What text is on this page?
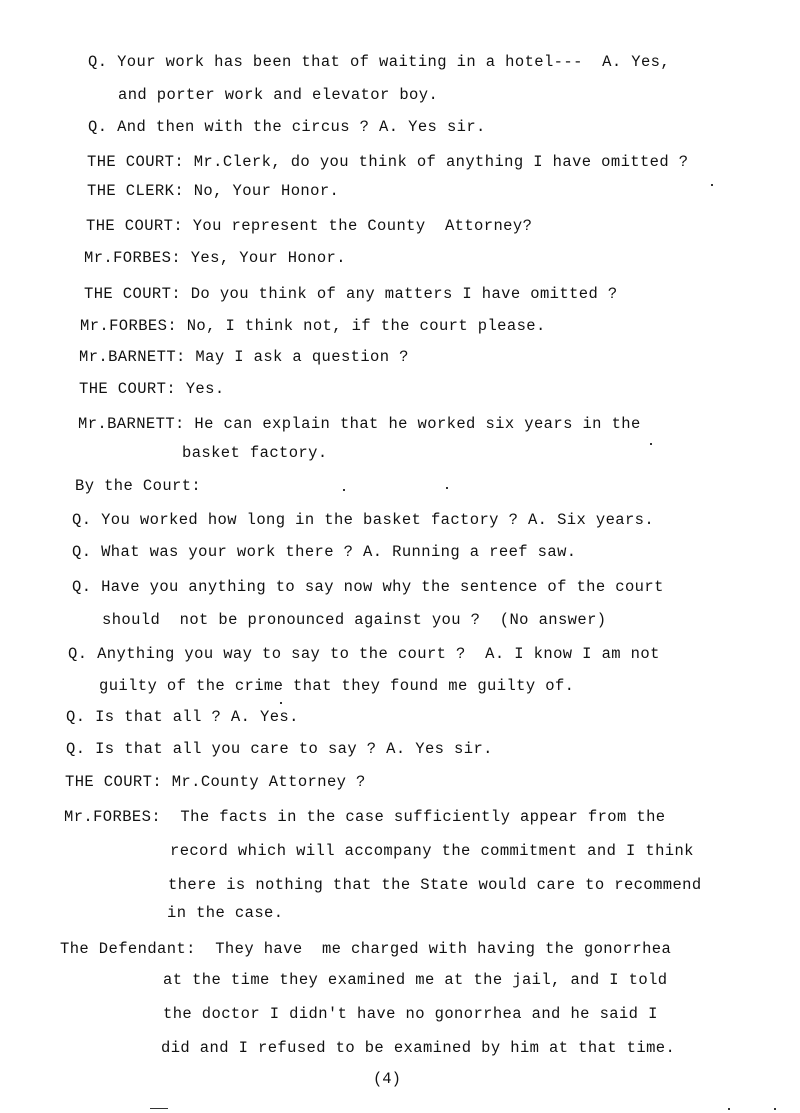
Q. Your work has been that of waiting in a hotel---  A. Yes,
and porter work and elevator boy.
Q. And then with the circus ? A. Yes sir.
THE COURT: Mr.Clerk, do you think of anything I have omitted ?
THE CLERK: No, Your Honor.
THE COURT: You represent the County  Attorney?
Mr.FORBES: Yes, Your Honor.
THE COURT: Do you think of any matters I have omitted ?
Mr.FORBES: No, I think not, if the court please.
Mr.BARNETT: May I ask a question ?
THE COURT: Yes.
Mr.BARNETT: He can explain that he worked six years in the
basket factory.
By the Court:
Q. You worked how long in the basket factory ? A. Six years.
Q. What was your work there ? A. Running a reef saw.
Q. Have you anything to say now why the sentence of the court
should  not be pronounced against you ?  (No answer)
Q. Anything you way to say to the court ?  A. I know I am not
guilty of the crime that they found me guilty of.
Q. Is that all ? A. Yes.
Q. Is that all you care to say ? A. Yes sir.
THE COURT: Mr.County Attorney ?
Mr.FORBES:  The facts in the case sufficiently appear from the
record which will accompany the commitment and I think
there is nothing that the State would care to recommend
in the case.
The Defendant:  They have  me charged with having the gonorrhea
at the time they examined me at the jail, and I told
the doctor I didn't have no gonorrhea and he said I
did and I refused to be examined by him at that time.
(4)
